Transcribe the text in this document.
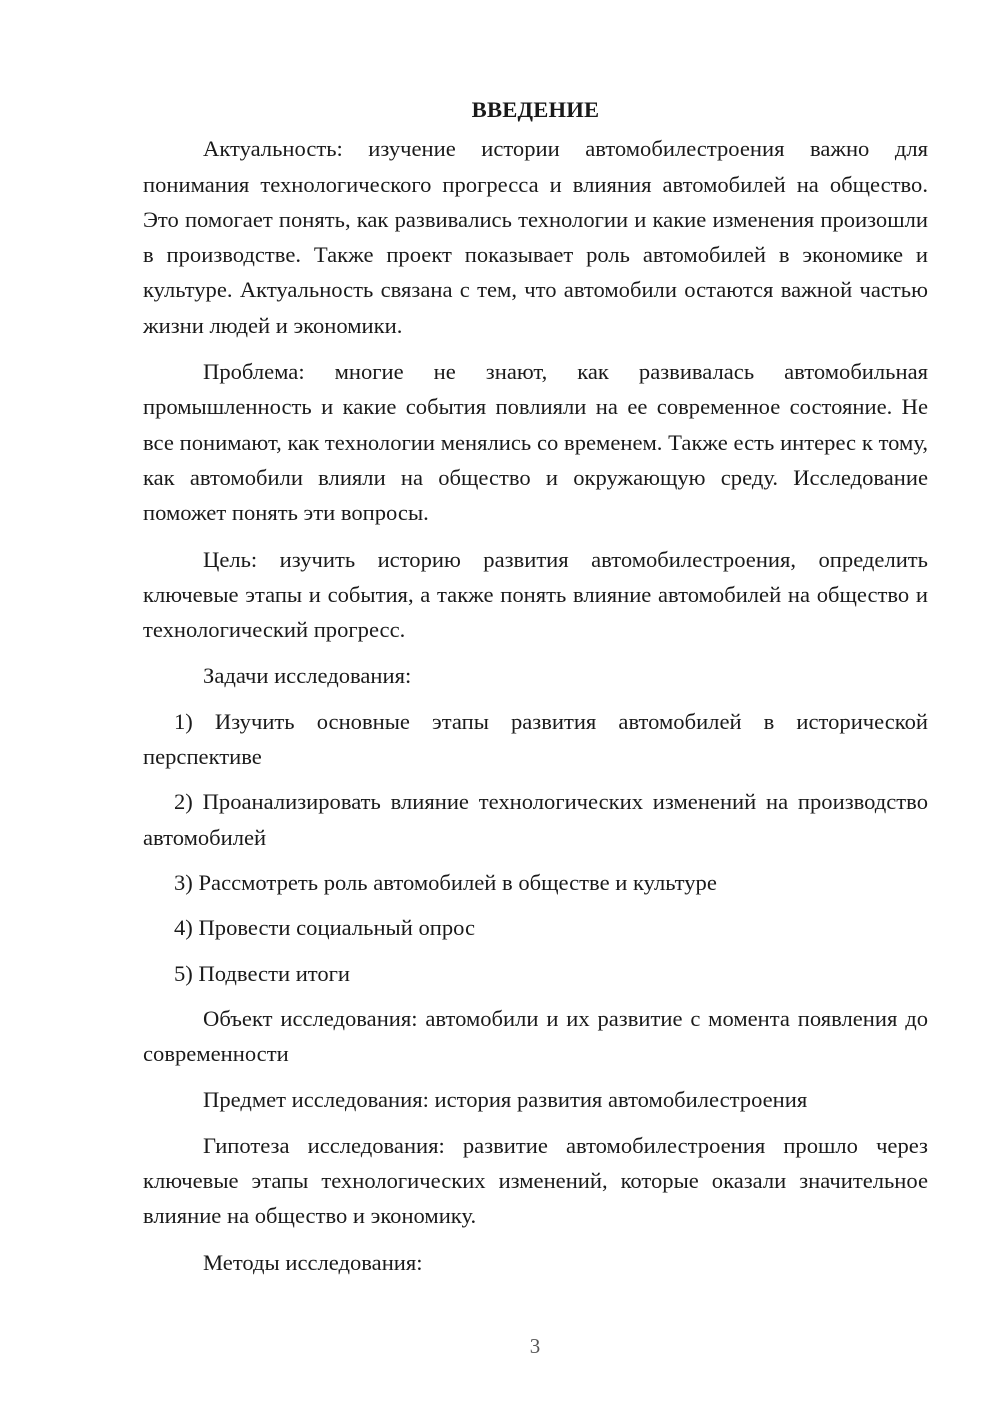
ВВЕДЕНИЕ

Актуальность: изучение истории автомобилестроения важно для понимания технологического прогресса и влияния автомобилей на общество. Это помогает понять, как развивались технологии и какие изменения произошли в производстве. Также проект показывает роль автомобилей в экономике и культуре. Актуальность связана с тем, что автомобили остаются важной частью жизни людей и экономики.

Проблема: многие не знают, как развивалась автомобильная промышленность и какие события повлияли на ее современное состояние. Не все понимают, как технологии менялись со временем. Также есть интерес к тому, как автомобили влияли на общество и окружающую среду. Исследование поможет понять эти вопросы.

Цель: изучить историю развития автомобилестроения, определить ключевые этапы и события, а также понять влияние автомобилей на общество и технологический прогресс.

Задачи исследования:

1) Изучить основные этапы развития автомобилей в исторической перспективе

2) Проанализировать влияние технологических изменений на производство автомобилей

3) Рассмотреть роль автомобилей в обществе и культуре

4) Провести социальный опрос

5) Подвести итоги

Объект исследования: автомобили и их развитие с момента появления до современности

Предмет исследования: история развития автомобилестроения

Гипотеза исследования: развитие автомобилестроения прошло через ключевые этапы технологических изменений, которые оказали значительное влияние на общество и экономику.

Методы исследования:

3
